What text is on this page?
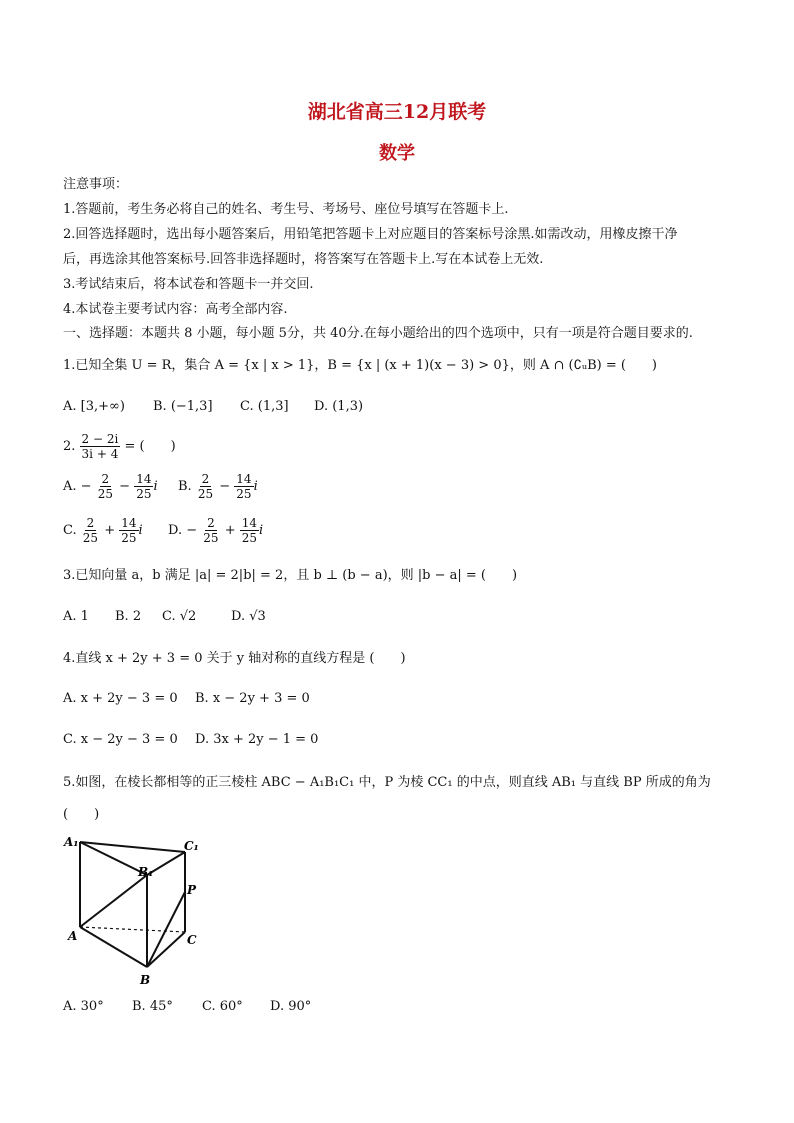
湖北省高三12月联考
数学
注意事项：
1.答题前，考生务必将自己的姓名、考生号、考场号、座位号填写在答题卡上.
2.回答选择题时，选出每小题答案后，用铅笔把答题卡上对应题目的答案标号涂黑.如需改动，用橡皮擦干净
后，再选涂其他答案标号.回答非选择题时，将答案写在答题卡上.写在本试卷上无效.
3.考试结束后，将本试卷和答题卡一并交回.
4.本试卷主要考试内容：高考全部内容.
一、选择题：本题共 8 小题，每小题 5分，共 40分.在每小题给出的四个选项中，只有一项是符合题目要求的.
1.已知全集 U = R，集合 A = {x | x > 1}，B = {x | (x + 1)(x − 3) > 0}，则 A ∩ (∁ᵤB) = (　　)
A. [3,+∞) B. (−1,3] C. (1,3] D. (1,3)
2. $\frac{2 - 2i}{3i + 4}$ = (　　)
A. − $\frac{2}{25} - \frac{14}{25}$ i B. $\frac{2}{25} - \frac{14}{25}$ i
C. $\frac{2}{25} + \frac{14}{25}$ i D. − $\frac{2}{25} + \frac{14}{25}$ i
3.已知向量 a，b 满足 |a| = 2|b| = 2，且 b ⊥ (b − a)，则 |b − a| = (　　)
A. 1 B. 2 C. √2	D. √3
4.直线 x + 2y + 3 = 0 关于 y 轴对称的直线方程是 (　　)
A. x + 2y − 3 = 0 B. x − 2y + 3 = 0
C. x − 2y − 3 = 0 D. 3x + 2y − 1 = 0
5.如图，在棱长都相等的正三棱柱 ABC − A₁B₁C₁ 中，P 为棱 CC₁ 的中点，则直线 AB₁ 与直线 BP 所成的角为
(　　)
A₁
B₁
C₁
P
A
B
C
A. 30° B. 45° C. 60° D. 90°
